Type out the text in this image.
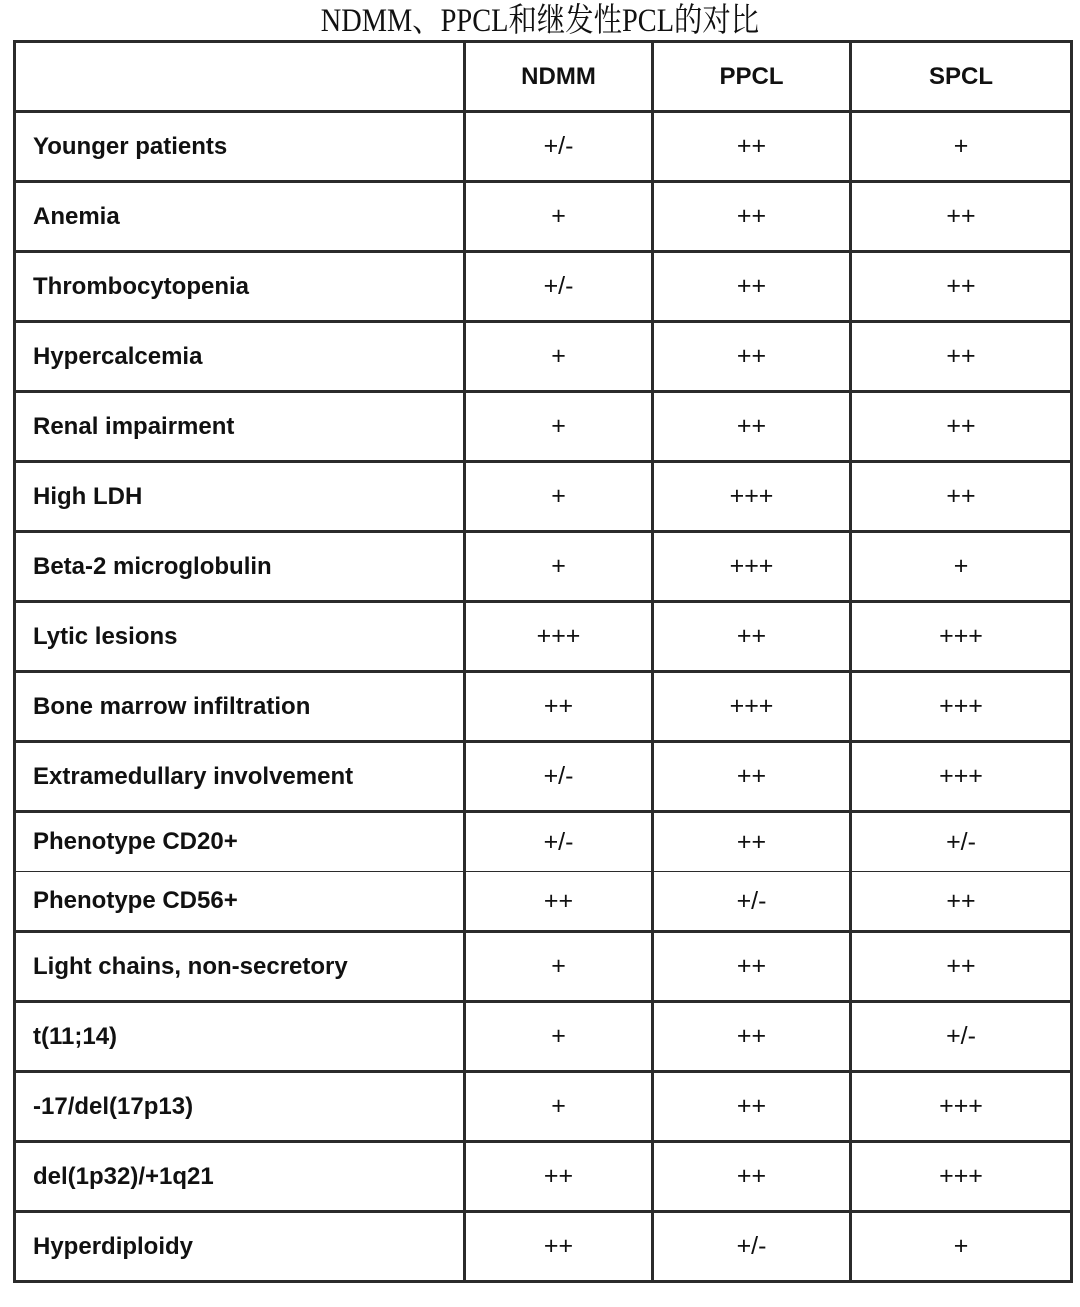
NDMM、PPCL和继发性PCL的对比
	NDMM	PPCL	SPCL
Younger patients	+/-	++	+
Anemia	+	++	++
Thrombocytopenia	+/-	++	++
Hypercalcemia	+	++	++
Renal impairment	+	++	++
High LDH	+	+++	++
Beta-2 microglobulin	+	+++	+
Lytic lesions	+++	++	+++
Bone marrow infiltration	++	+++	+++
Extramedullary involvement	+/-	++	+++
Phenotype CD20+	+/-	++	+/-
Phenotype CD56+	++	+/-	++
Light chains, non-secretory	+	++	++
t(11;14)	+	++	+/-
-17/del(17p13)	+	++	+++
del(1p32)/+1q21	++	++	+++
Hyperdiploidy	++	+/-	+
